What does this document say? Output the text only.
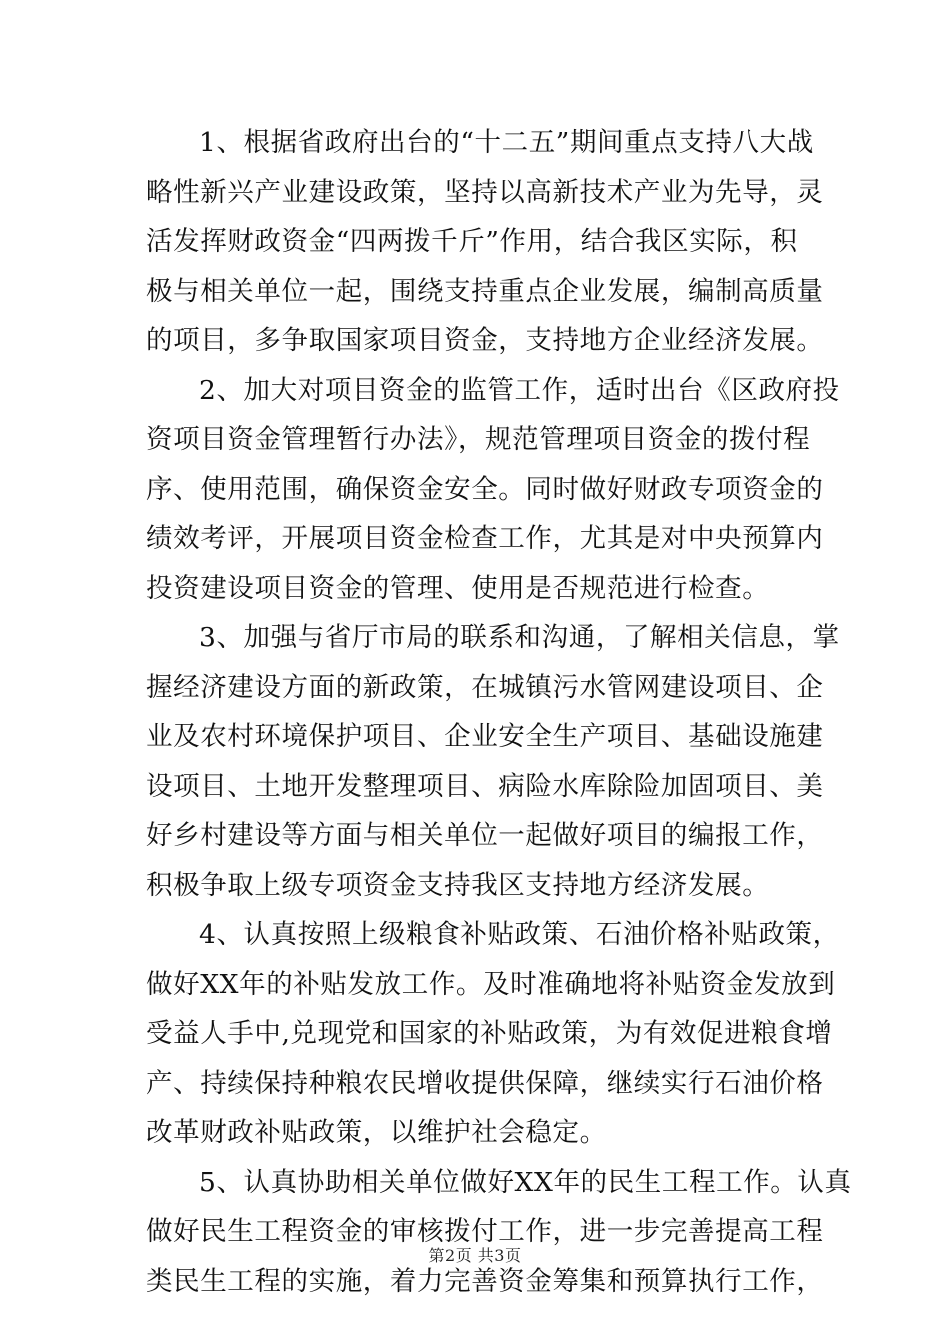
1、根据省政府出台的“十二五”期间重点支持八大战
略性新兴产业建设政策，坚持以高新技术产业为先导，灵
活发挥财政资金“四两拨千斤”作用，结合我区实际，积
极与相关单位一起，围绕支持重点企业发展，编制高质量
的项目，多争取国家项目资金，支持地方企业经济发展。
2、加大对项目资金的监管工作，适时出台《区政府投
资项目资金管理暂行办法》，规范管理项目资金的拨付程
序、使用范围，确保资金安全。同时做好财政专项资金的
绩效考评，开展项目资金检查工作，尤其是对中央预算内
投资建设项目资金的管理、使用是否规范进行检查。
3、加强与省厅市局的联系和沟通，了解相关信息，掌
握经济建设方面的新政策，在城镇污水管网建设项目、企
业及农村环境保护项目、企业安全生产项目、基础设施建
设项目、土地开发整理项目、病险水库除险加固项目、美
好乡村建设等方面与相关单位一起做好项目的编报工作，
积极争取上级专项资金支持我区支持地方经济发展。
4、认真按照上级粮食补贴政策、石油价格补贴政策，
做好XX年的补贴发放工作。及时准确地将补贴资金发放到
受益人手中,兑现党和国家的补贴政策，为有效促进粮食增
产、持续保持种粮农民增收提供保障，继续实行石油价格
改革财政补贴政策，以维护社会稳定。
5、认真协助相关单位做好XX年的民生工程工作。认真
做好民生工程资金的审核拨付工作，进一步完善提高工程
类民生工程的实施，着力完善资金筹集和预算执行工作，
第2页 共3页
